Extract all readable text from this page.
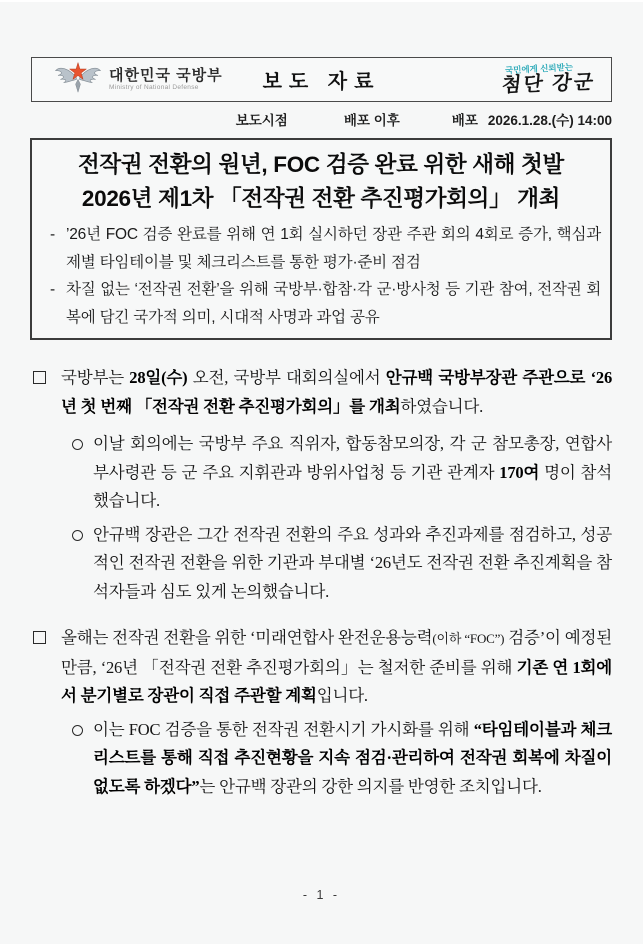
대한민국 국방부
Ministry of National Defense	보도 자료
국민에게 신뢰받는
첨단 강군
보도시점	배포 이후	배포 2026.1.28.(수) 14:00
전작권 전환의 원년, FOC 검증 완료 위한 새해 첫발
2026년 제1차 「전작권 전환 추진평가회의」 개최
- ’26년 FOC 검증 완료를 위해 연 1회 실시하던 장관 주관 회의 4회로 증가, 핵심과제별 타임테이블 및 체크리스트를 통한 평가·준비 점검
- 차질 없는 ‘전작권 전환’을 위해 국방부·합참·각 군·방사청 등 기관 참여, 전작권 회복에 담긴 국가적 의미, 시대적 사명과 과업 공유
국방부는 28일(수) 오전, 국방부 대회의실에서 안규백 국방부장관 주관으로 ‘26년 첫 번째 「전작권 전환 추진평가회의」를 개최하였습니다.
이날 회의에는 국방부 주요 직위자, 합동참모의장, 각 군 참모총장, 연합사부사령관 등 군 주요 지휘관과 방위사업청 등 기관 관계자 170여 명이 참석했습니다.
안규백 장관은 그간 전작권 전환의 주요 성과와 추진과제를 점검하고, 성공적인 전작권 전환을 위한 기관과 부대별 ‘26년도 전작권 전환 추진계획을 참석자들과 심도 있게 논의했습니다.
올해는 전작권 전환을 위한 ‘미래연합사 완전운용능력(이하 “FOC”) 검증’이 예정된 만큼, ‘26년 「전작권 전환 추진평가회의」는 철저한 준비를 위해 기존 연 1회에서 분기별로 장관이 직접 주관할 계획입니다.
이는 FOC 검증을 통한 전작권 전환시기 가시화를 위해 “타임테이블과 체크리스트를 통해 직접 추진현황을 지속 점검·관리하여 전작권 회복에 차질이 없도록 하겠다”는 안규백 장관의 강한 의지를 반영한 조치입니다.
- 1 -
